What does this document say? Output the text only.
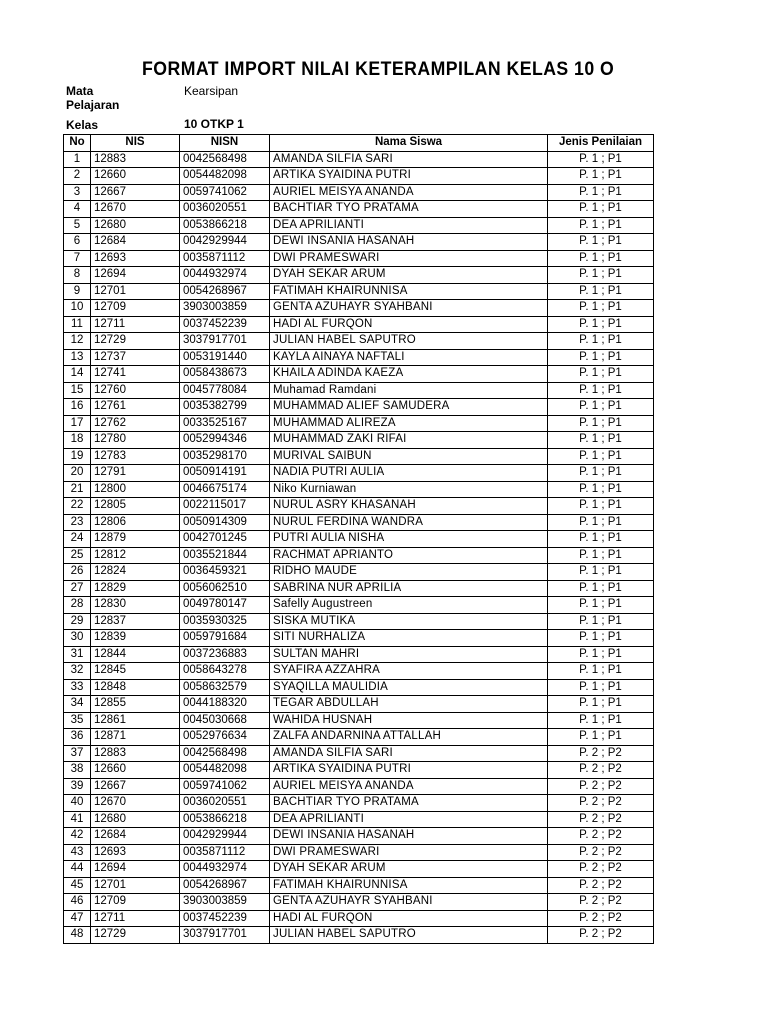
FORMAT IMPORT NILAI KETERAMPILAN KELAS 10 O
Mata Pelajaran
Kearsipan
Kelas	10 OTKP 1
No	NIS	NISN	Nama Siswa	Jenis Penilaian
1	12883	0042568498	AMANDA SILFIA SARI	P. 1 ; P1
2	12660	0054482098	ARTIKA SYAIDINA PUTRI	P. 1 ; P1
3	12667	0059741062	AURIEL MEISYA ANANDA	P. 1 ; P1
4	12670	0036020551	BACHTIAR TYO PRATAMA	P. 1 ; P1
5	12680	0053866218	DEA APRILIANTI	P. 1 ; P1
6	12684	0042929944	DEWI INSANIA HASANAH	P. 1 ; P1
7	12693	0035871112	DWI PRAMESWARI	P. 1 ; P1
8	12694	0044932974	DYAH SEKAR ARUM	P. 1 ; P1
9	12701	0054268967	FATIMAH KHAIRUNNISA	P. 1 ; P1
10	12709	3903003859	GENTA AZUHAYR SYAHBANI	P. 1 ; P1
11	12711	0037452239	HADI AL FURQON	P. 1 ; P1
12	12729	3037917701	JULIAN HABEL SAPUTRO	P. 1 ; P1
13	12737	0053191440	KAYLA AINAYA NAFTALI	P. 1 ; P1
14	12741	0058438673	KHAILA ADINDA KAEZA	P. 1 ; P1
15	12760	0045778084	Muhamad Ramdani	P. 1 ; P1
16	12761	0035382799	MUHAMMAD ALIEF SAMUDERA	P. 1 ; P1
17	12762	0033525167	MUHAMMAD ALIREZA	P. 1 ; P1
18	12780	0052994346	MUHAMMAD ZAKI RIFAI	P. 1 ; P1
19	12783	0035298170	MURIVAL SAIBUN	P. 1 ; P1
20	12791	0050914191	NADIA PUTRI AULIA	P. 1 ; P1
21	12800	0046675174	Niko Kurniawan	P. 1 ; P1
22	12805	0022115017	NURUL ASRY KHASANAH	P. 1 ; P1
23	12806	0050914309	NURUL FERDINA WANDRA	P. 1 ; P1
24	12879	0042701245	PUTRI AULIA NISHA	P. 1 ; P1
25	12812	0035521844	RACHMAT APRIANTO	P. 1 ; P1
26	12824	0036459321	RIDHO MAUDE	P. 1 ; P1
27	12829	0056062510	SABRINA NUR APRILIA	P. 1 ; P1
28	12830	0049780147	Safelly Augustreen	P. 1 ; P1
29	12837	0035930325	SISKA MUTIKA	P. 1 ; P1
30	12839	0059791684	SITI NURHALIZA	P. 1 ; P1
31	12844	0037236883	SULTAN MAHRI	P. 1 ; P1
32	12845	0058643278	SYAFIRA AZZAHRA	P. 1 ; P1
33	12848	0058632579	SYAQILLA MAULIDIA	P. 1 ; P1
34	12855	0044188320	TEGAR ABDULLAH	P. 1 ; P1
35	12861	0045030668	WAHIDA HUSNAH	P. 1 ; P1
36	12871	0052976634	ZALFA ANDARNINA ATTALLAH	P. 1 ; P1
37	12883	0042568498	AMANDA SILFIA SARI	P. 2 ; P2
38	12660	0054482098	ARTIKA SYAIDINA PUTRI	P. 2 ; P2
39	12667	0059741062	AURIEL MEISYA ANANDA	P. 2 ; P2
40	12670	0036020551	BACHTIAR TYO PRATAMA	P. 2 ; P2
41	12680	0053866218	DEA APRILIANTI	P. 2 ; P2
42	12684	0042929944	DEWI INSANIA HASANAH	P. 2 ; P2
43	12693	0035871112	DWI PRAMESWARI	P. 2 ; P2
44	12694	0044932974	DYAH SEKAR ARUM	P. 2 ; P2
45	12701	0054268967	FATIMAH KHAIRUNNISA	P. 2 ; P2
46	12709	3903003859	GENTA AZUHAYR SYAHBANI	P. 2 ; P2
47	12711	0037452239	HADI AL FURQON	P. 2 ; P2
48	12729	3037917701	JULIAN HABEL SAPUTRO	P. 2 ; P2
